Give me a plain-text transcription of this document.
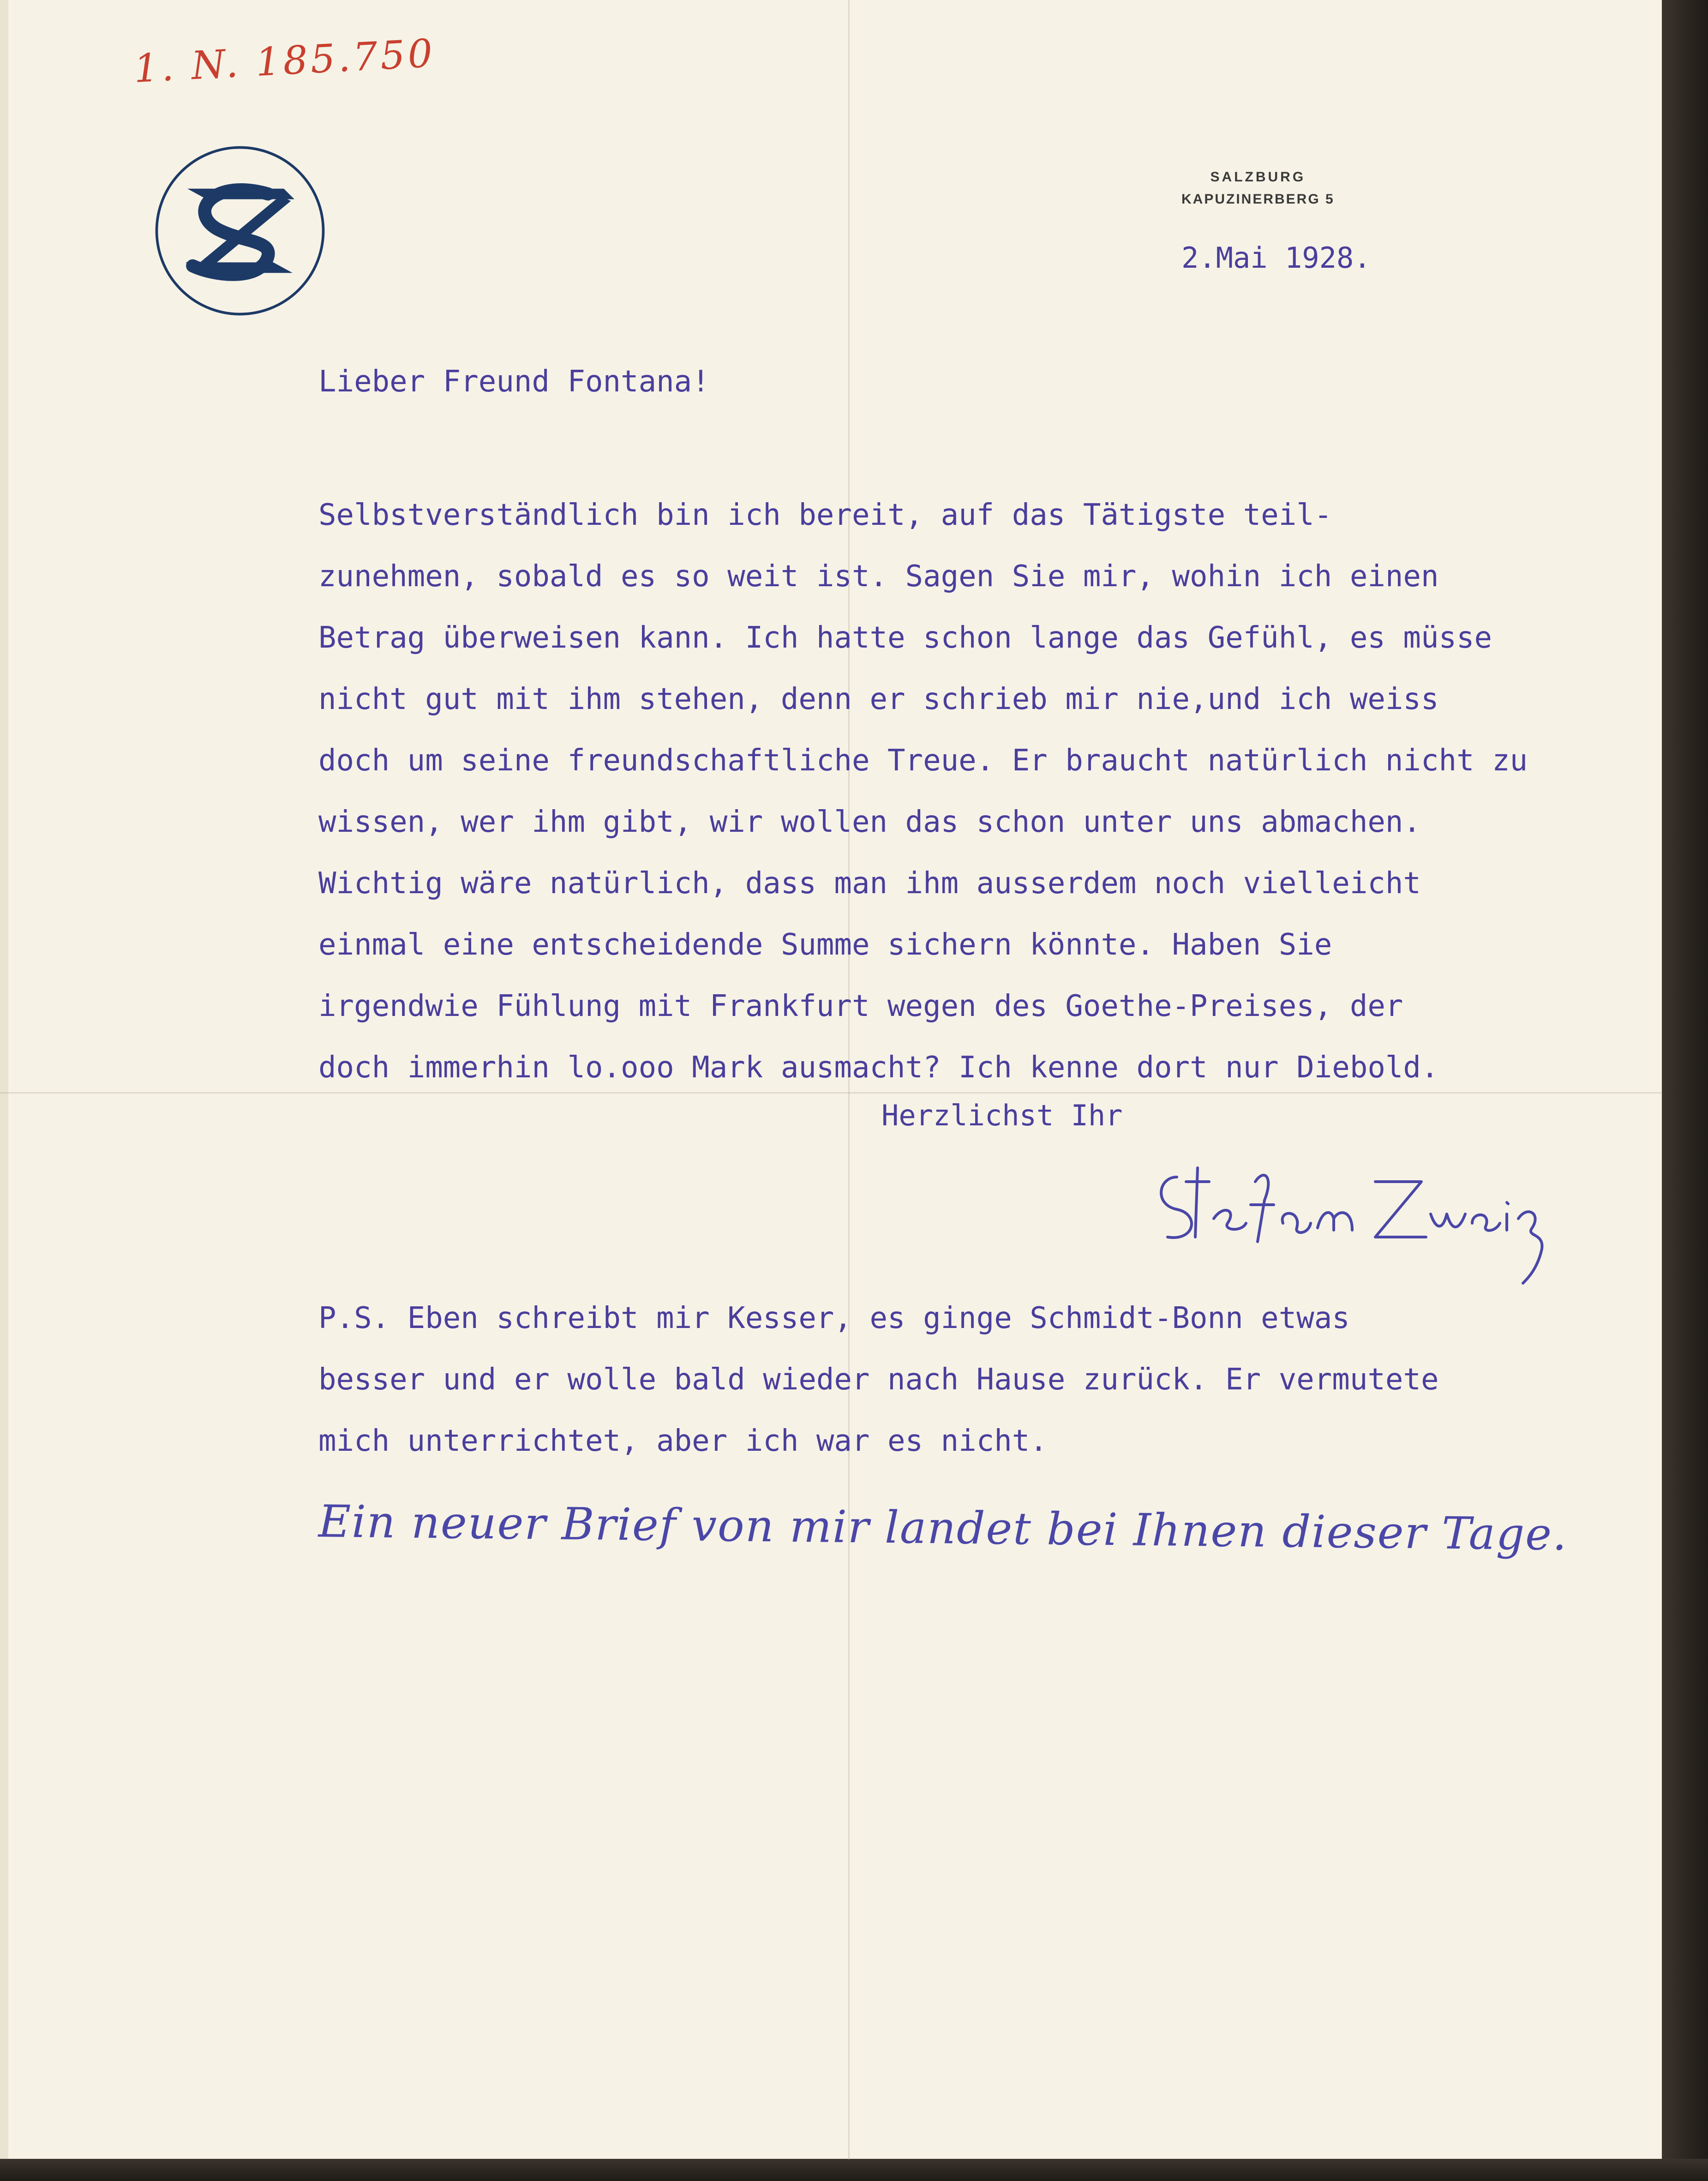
1. N. 185.750
SALZBURG
KAPUZINERBERG 5
2.Mai 1928.
Lieber Freund Fontana!
Selbstverständlich bin ich bereit, auf das Tätigste teil-
zunehmen, sobald es so weit ist. Sagen Sie mir, wohin ich einen
Betrag überweisen kann. Ich hatte schon lange das Gefühl, es müsse
nicht gut mit ihm stehen, denn er schrieb mir nie,und ich weiss
doch um seine freundschaftliche Treue. Er braucht natürlich nicht zu
wissen, wer ihm gibt, wir wollen das schon unter uns abmachen.
Wichtig wäre natürlich, dass man ihm ausserdem noch vielleicht
einmal eine entscheidende Summe sichern könnte. Haben Sie
irgendwie Fühlung mit Frankfurt wegen des Goethe-Preises, der
doch immerhin lo.ooo Mark ausmacht? Ich kenne dort nur Diebold.
Herzlichst Ihr
P.S. Eben schreibt mir Kesser, es ginge Schmidt-Bonn etwas
besser und er wolle bald wieder nach Hause zurück. Er vermutete
mich unterrichtet, aber ich war es nicht.
Ein neuer Brief von mir landet bei Ihnen dieser Tage.
